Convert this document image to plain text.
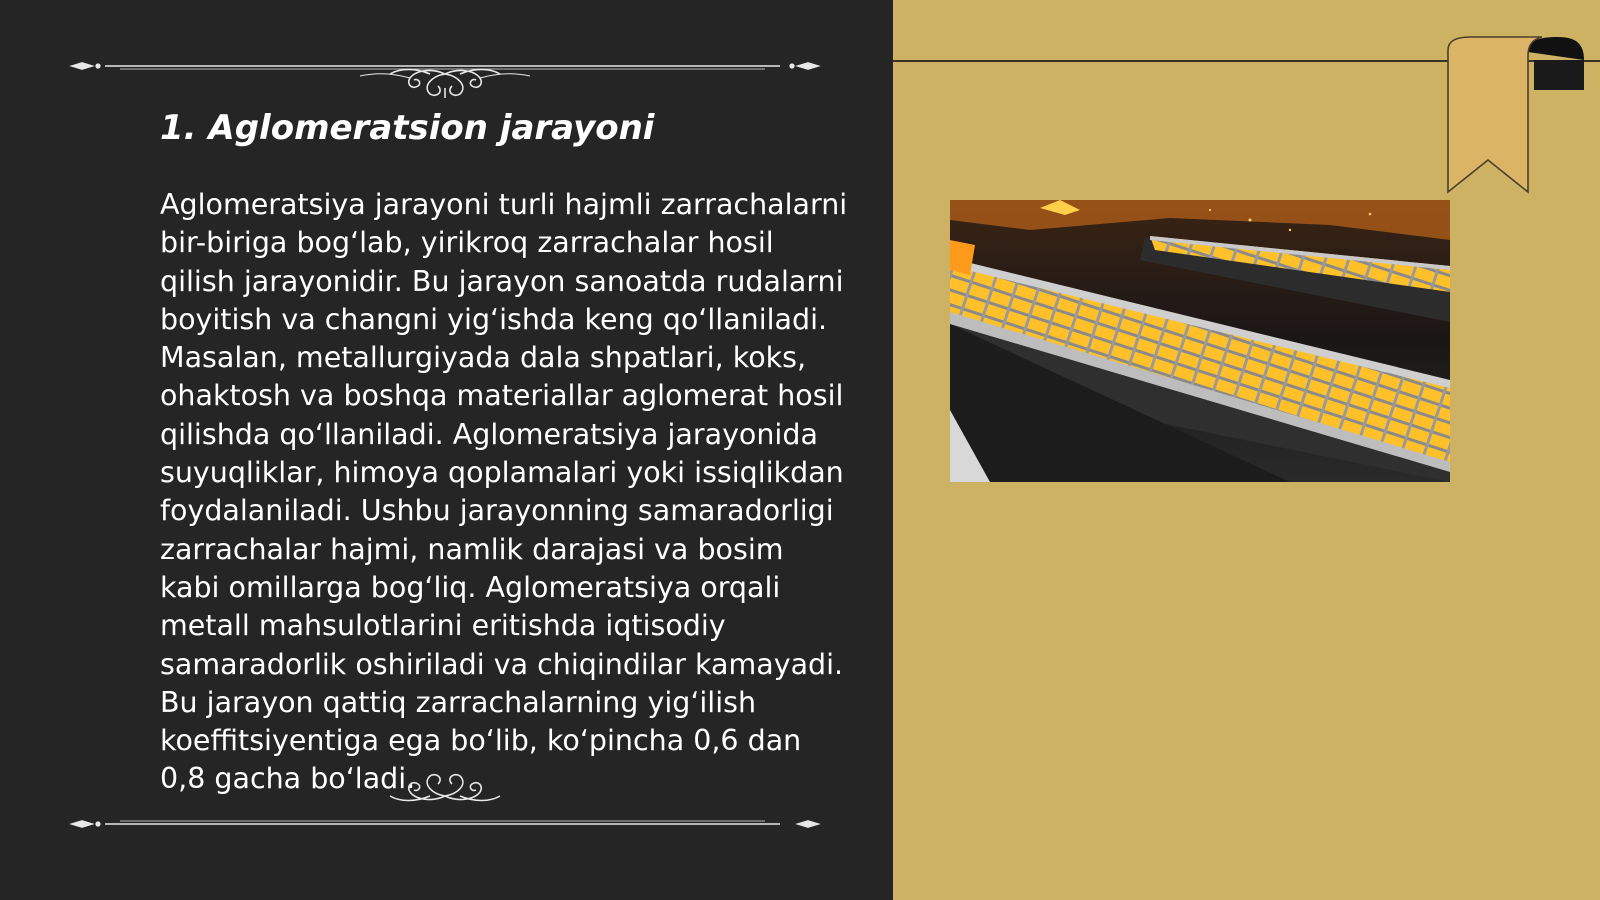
1. Aglomeratsion jarayoni

Aglomeratsiya jarayoni turli hajmli zarrachalarni bir-biriga bogʻlab, yirikroq zarrachalar hosil qilish jarayonidir. Bu jarayon sanoatda rudalarni boyitish va changni yigʻishda keng qoʻllaniladi. Masalan, metallurgiyada dala shpatlari, koks, ohaktosh va boshqa materiallar aglomerat hosil qilishda qoʻllaniladi. Aglomeratsiya jarayonida suyuqliklar, himoya qoplamalari yoki issiqlikdan foydalaniladi. Ushbu jarayonning samaradorligi zarrachalar hajmi, namlik darajasi va bosim kabi omillarga bogʻliq. Aglomeratsiya orqali metall mahsulotlarini eritishda iqtisodiy samaradorlik oshiriladi va chiqindilar kamayadi. Bu jarayon qattiq zarrachalarning yigʻilish koeffitsiyentiga ega boʻlib, koʻpincha 0,6 dan 0,8 gacha boʻladi.
